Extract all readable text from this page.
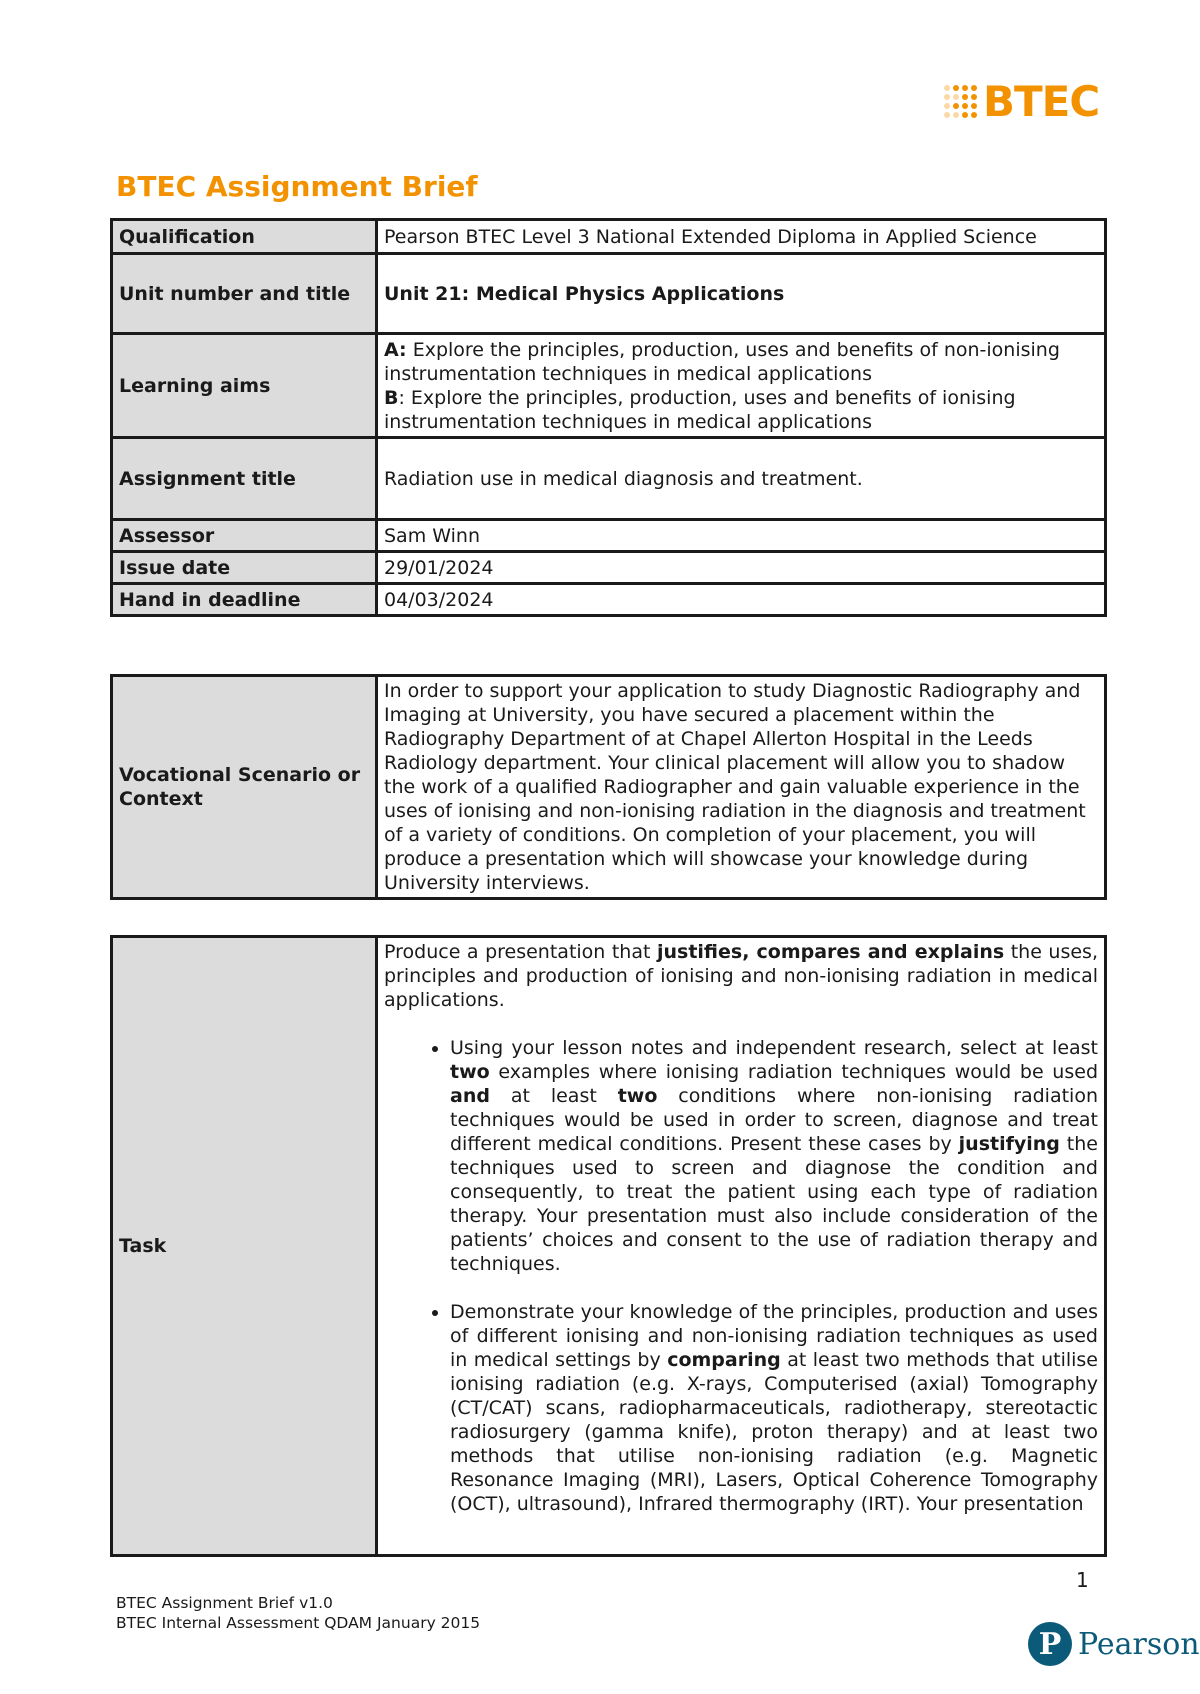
BTEC
BTEC Assignment Brief
Qualification	Pearson BTEC Level 3 National Extended Diploma in Applied Science
Unit number and title	Unit 21: Medical Physics Applications
Learning aims	A: Explore the principles, production, uses and benefits of non-ionising instrumentation techniques in medical applications
B: Explore the principles, production, uses and benefits of ionising instrumentation techniques in medical applications

Assignment title	Radiation use in medical diagnosis and treatment.
Assessor	Sam Winn
Issue date	29/01/2024
Hand in deadline	04/03/2024
Vocational Scenario or Context	In order to support your application to study Diagnostic Radiography and Imaging at University, you have secured a placement within the Radiography Department of at Chapel Allerton Hospital in the Leeds Radiology department. Your clinical placement will allow you to shadow the work of a qualified Radiographer and gain valuable experience in the uses of ionising and non-ionising radiation in the diagnosis and treatment of a variety of conditions. On completion of your placement, you will produce a presentation which will showcase your knowledge during University interviews.
Task	
Produce a presentation that justifies, compares and explains the uses, principles and production of ionising and non-ionising radiation in medical applications.
• Using your lesson notes and independent research, select at least two examples where ionising radiation techniques would be used and at least two conditions where non-ionising radiation techniques would be used in order to screen, diagnose and treat different medical conditions. Present these cases by justifying the techniques used to screen and diagnose the condition and consequently, to treat the patient using each type of radiation therapy. Your presentation must also include consideration of the patients’ choices and consent to the use of radiation therapy and techniques.
• Demonstrate your knowledge of the principles, production and uses of different ionising and non-ionising radiation techniques as used in medical settings by comparing at least two methods that utilise ionising radiation (e.g. X-rays, Computerised (axial) Tomography (CT/CAT) scans, radiopharmaceuticals, radiotherapy, stereotactic radiosurgery (gamma knife), proton therapy) and at least two methods that utilise non-ionising radiation (e.g. Magnetic Resonance Imaging (MRI), Lasers, Optical Coherence Tomography (OCT), ultrasound), Infrared thermography (IRT). Your presentation
1
BTEC Assignment Brief v1.0
BTEC Internal Assessment QDAM January 2015
P Pearson
